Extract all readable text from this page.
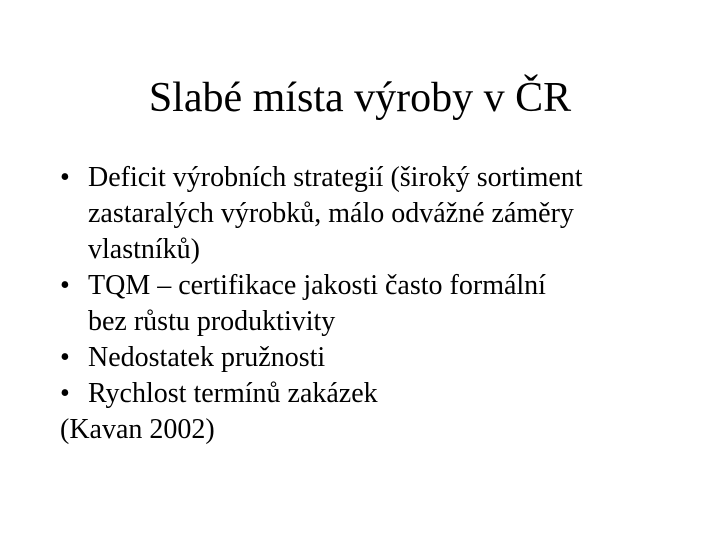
Slabé místa výroby v ČR
• Deficit výrobních strategií (široký sortiment
zastaralých výrobků, málo odvážné záměry
vlastníků)
• TQM – certifikace jakosti často formální
bez růstu produktivity
• Nedostatek pružnosti
• Rychlost termínů zakázek

(Kavan 2002)
